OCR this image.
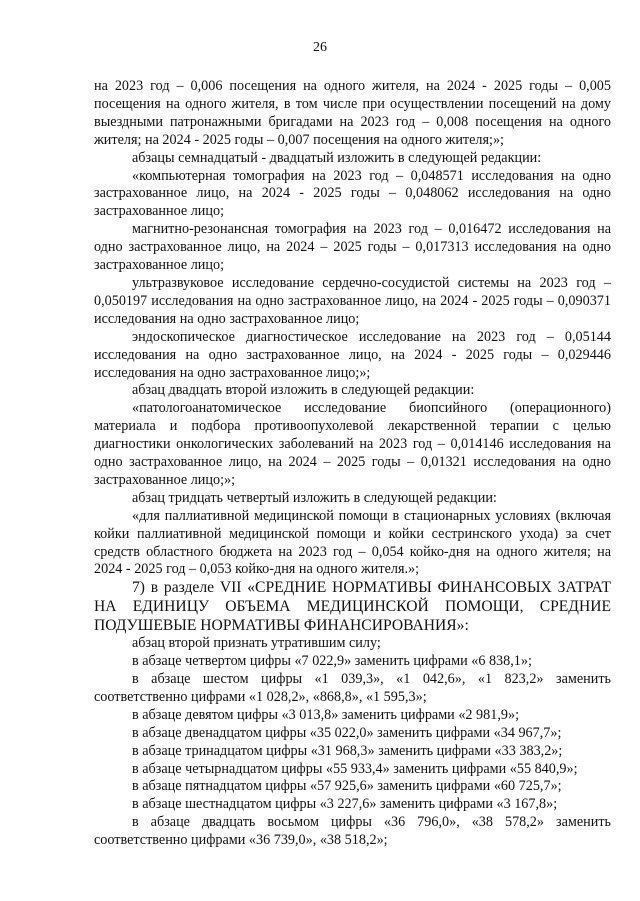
26

на 2023 год – 0,006 посещения на одного жителя, на 2024 - 2025 годы – 0,005 посещения на одного жителя, в том числе при осуществлении посещений на дому выездными патронажными бригадами на 2023 год – 0,008 посещения на одного жителя; на 2024 - 2025 годы – 0,007 посещения на одного жителя;»;

абзацы семнадцатый - двадцатый изложить в следующей редакции:

«компьютерная томография на 2023 год – 0,048571 исследования на одно застрахованное лицо, на 2024 - 2025 годы – 0,048062 исследования на одно застрахованное лицо;

магнитно-резонансная томография на 2023 год – 0,016472 исследования на одно застрахованное лицо, на 2024 – 2025 годы – 0,017313 исследования на одно застрахованное лицо;

ультразвуковое исследование сердечно-сосудистой системы на 2023 год – 0,050197 исследования на одно застрахованное лицо, на 2024 - 2025 годы – 0,090371 исследования на одно застрахованное лицо;

эндоскопическое диагностическое исследование на 2023 год – 0,05144 исследования на одно застрахованное лицо, на 2024 - 2025 годы – 0,029446 исследования на одно застрахованное лицо;»;

абзац двадцать второй изложить в следующей редакции:

«патологоанатомическое исследование биопсийного (операционного) материала и подбора противоопухолевой лекарственной терапии с целью диагностики онкологических заболеваний на 2023 год – 0,014146 исследования на одно застрахованное лицо, на 2024 – 2025 годы – 0,01321 исследования на одно застрахованное лицо;»;

абзац тридцать четвертый изложить в следующей редакции:

«для паллиативной медицинской помощи в стационарных условиях (включая койки паллиативной медицинской помощи и койки сестринского ухода) за счет средств областного бюджета на 2023 год – 0,054 койко-дня на одного жителя; на 2024 - 2025 год – 0,053 койко-дня на одного жителя.»;

7) в разделе VII «СРЕДНИЕ НОРМАТИВЫ ФИНАНСОВЫХ ЗАТРАТ НА ЕДИНИЦУ ОБЪЕМА МЕДИЦИНСКОЙ ПОМОЩИ, СРЕДНИЕ ПОДУШЕВЫЕ НОРМАТИВЫ ФИНАНСИРОВАНИЯ»:

абзац второй признать утратившим силу;

в абзаце четвертом цифры «7 022,9» заменить цифрами «6 838,1»;

в абзаце шестом цифры «1 039,3», «1 042,6», «1 823,2» заменить соответственно цифрами «1 028,2», «868,8», «1 595,3»;

в абзаце девятом цифры «3 013,8» заменить цифрами «2 981,9»;

в абзаце двенадцатом цифры «35 022,0» заменить цифрами «34 967,7»;

в абзаце тринадцатом цифры «31 968,3» заменить цифрами «33 383,2»;

в абзаце четырнадцатом цифры «55 933,4» заменить цифрами «55 840,9»;

в абзаце пятнадцатом цифры «57 925,6» заменить цифрами «60 725,7»;

в абзаце шестнадцатом цифры «3 227,6» заменить цифрами «3 167,8»;

в абзаце двадцать восьмом цифры «36 796,0», «38 578,2» заменить соответственно цифрами «36 739,0», «38 518,2»;
